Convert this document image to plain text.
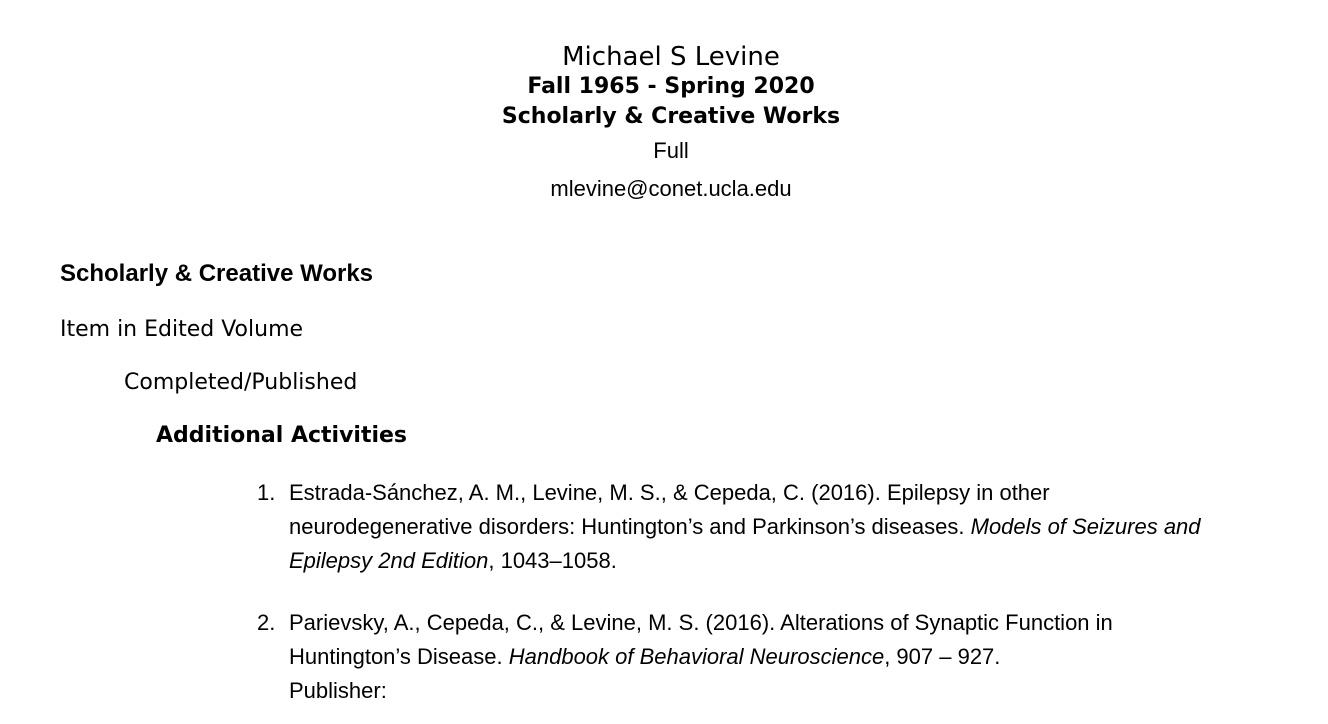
Michael S Levine
Fall 1965 - Spring 2020
Scholarly & Creative Works
Full
mlevine@conet.ucla.edu
Scholarly & Creative Works
Item in Edited Volume
Completed/Published
Additional Activities
1. Estrada-Sánchez, A. M., Levine, M. S., & Cepeda, C. (2016). Epilepsy in other
neurodegenerative disorders: Huntington’s and Parkinson’s diseases. Models of Seizures and
Epilepsy 2nd Edition, 1043–1058.
2. Parievsky, A., Cepeda, C., & Levine, M. S. (2016). Alterations of Synaptic Function in
Huntington’s Disease. Handbook of Behavioral Neuroscience, 907 – 927.
Publisher:
